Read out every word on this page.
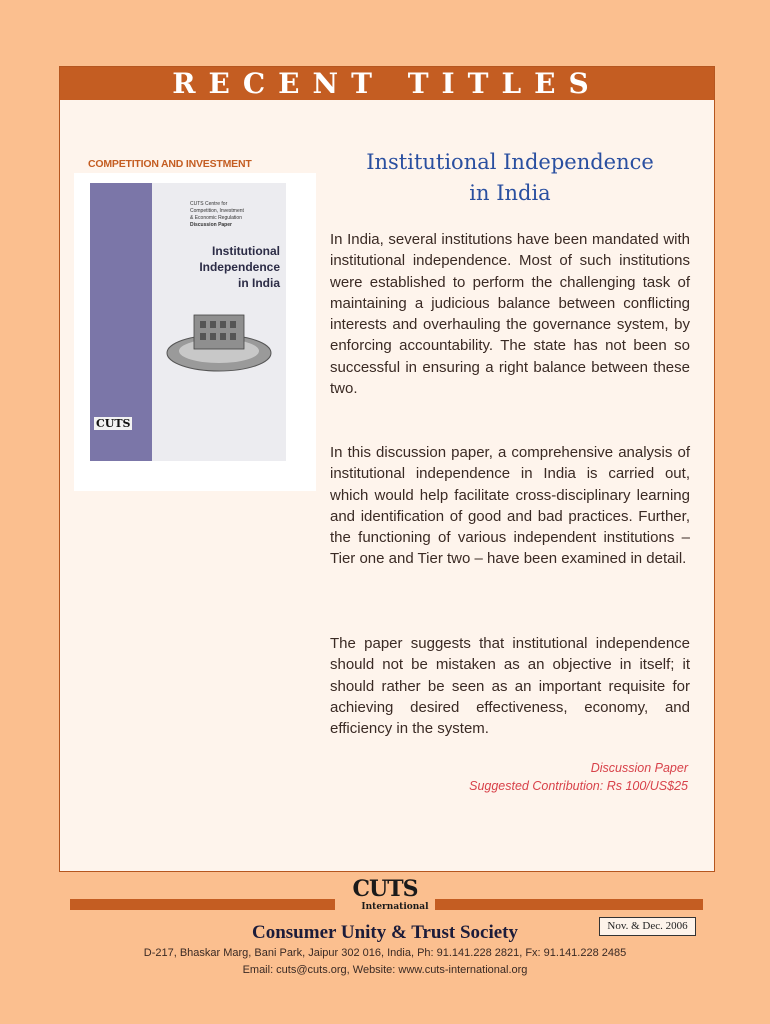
RECENT TITLES
COMPETITION AND INVESTMENT
CUTS Centre for
Competition, Investment
& Economic Regulation
Discussion Paper
Institutional
Independence
in India
CUTS

Institutional Independence

in India

In India, several institutions have been mandated with institutional independence. Most of such institutions were established to perform the challenging task of maintaining a judicious balance between conflicting interests and overhauling the governance system, by enforcing accountability. The state has not been so successful in ensuring a right balance between these two.

In this discussion paper, a comprehensive analysis of institutional independence in India is carried out, which would help facilitate cross-disciplinary learning and identification of good and bad practices. Further, the functioning of various independent institutions – Tier one and Tier two – have been examined in detail.

The paper suggests that institutional independence should not be mistaken as an objective in itself; it should rather be seen as an important requisite for achieving desired effectiveness, economy, and efficiency in the system.

Discussion Paper
Suggested Contribution: Rs 100/US$25
CUTS
International
Consumer Unity & Trust Society	Nov. & Dec. 2006
D-217, Bhaskar Marg, Bani Park, Jaipur 302 016, India, Ph: 91.141.228 2821, Fx: 91.141.228 2485
Email: cuts@cuts.org, Website: www.cuts-international.org
